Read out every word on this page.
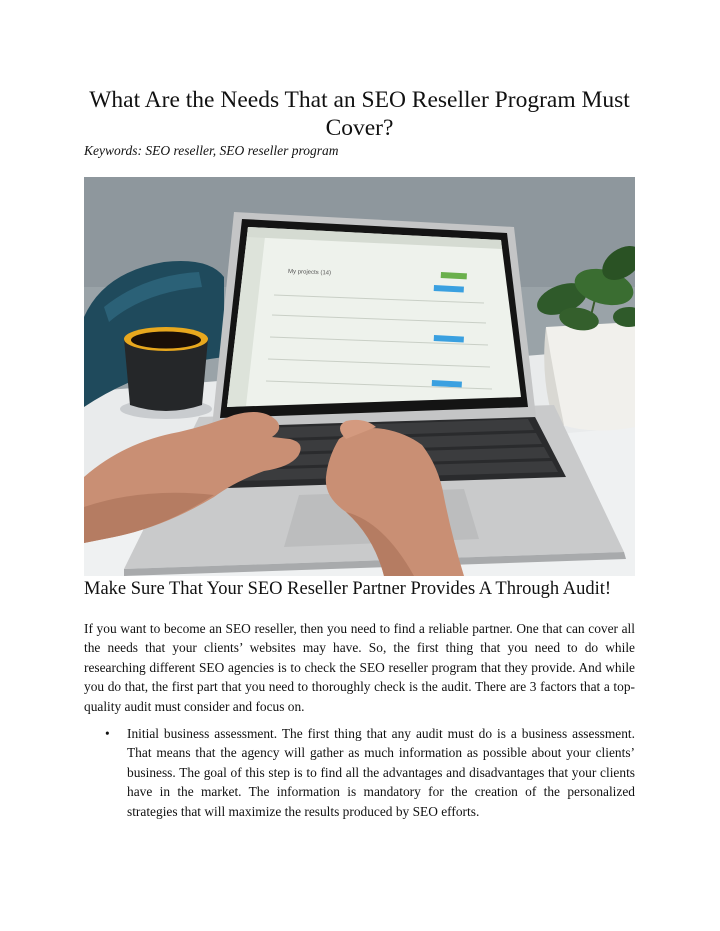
What Are the Needs That an SEO Reseller Program Must Cover?

Keywords: SEO reseller, SEO reseller program

My projects (14)
Make Sure That Your SEO Reseller Partner Provides A Through Audit!

If you want to become an SEO reseller, then you need to find a reliable partner. One that can cover all the needs that your clients’ websites may have. So, the first thing that you need to do while researching different SEO agencies is to check the SEO reseller program that they provide. And while you do that, the first part that you need to thoroughly check is the audit. There are 3 factors that a top-quality audit must consider and focus on.

• Initial business assessment. The first thing that any audit must do is a business assessment. That means that the agency will gather as much information as possible about your clients’ business. The goal of this step is to find all the advantages and disadvantages that your clients have in the market. The information is mandatory for the creation of the personalized strategies that will maximize the results produced by SEO efforts.
